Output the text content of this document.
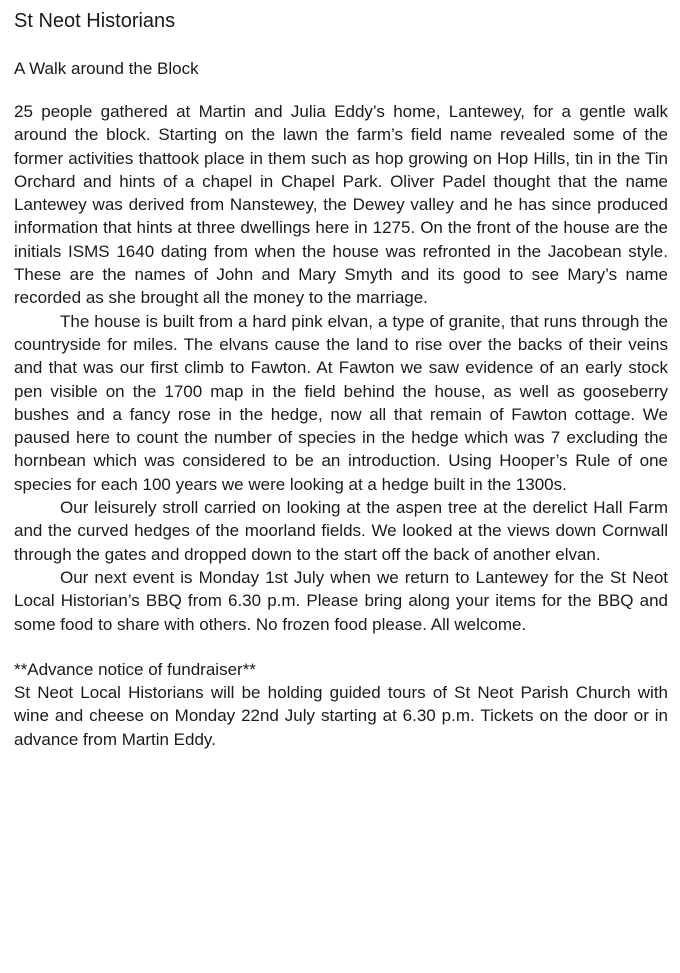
St Neot Historians
A Walk around the Block

25 people gathered at Martin and Julia Eddy’s home, Lantewey, for a gentle walk around the block. Starting on the lawn the farm’s field name revealed some of the former activities thattook place in them such as hop growing on Hop Hills, tin in the Tin Orchard and hints of a chapel in Chapel Park. Oliver Padel thought that the name Lantewey was derived from Nanstewey, the Dewey valley and he has since produced information that hints at three dwellings here in 1275. On the front of the house are the initials ISMS 1640 dating from when the house was refronted in the Jacobean style. These are the names of John and Mary Smyth and its good to see Mary’s name recorded as she brought all the money to the marriage.

The house is built from a hard pink elvan, a type of granite, that runs through the countryside for miles. The elvans cause the land to rise over the backs of their veins and that was our first climb to Fawton. At Fawton we saw evidence of an early stock pen visible on the 1700 map in the field behind the house, as well as gooseberry bushes and a fancy rose in the hedge, now all that remain of Fawton cottage. We paused here to count the number of species in the hedge which was 7 excluding the hornbean which was considered to be an introduction. Using Hooper’s Rule of one species for each 100 years we were looking at a hedge built in the 1300s.

Our leisurely stroll carried on looking at the aspen tree at the derelict Hall Farm and the curved hedges of the moorland fields. We looked at the views down Cornwall through the gates and dropped down to the start off the back of another elvan.

Our next event is Monday 1st July when we return to Lantewey for the St Neot Local Historian’s BBQ from 6.30 p.m. Please bring along your items for the BBQ and some food to share with others. No frozen food please. All welcome.

**Advance notice of fundraiser**

St Neot Local Historians will be holding guided tours of St Neot Parish Church with wine and cheese on Monday 22nd July starting at 6.30 p.m. Tickets on the door or in advance from Martin Eddy.
